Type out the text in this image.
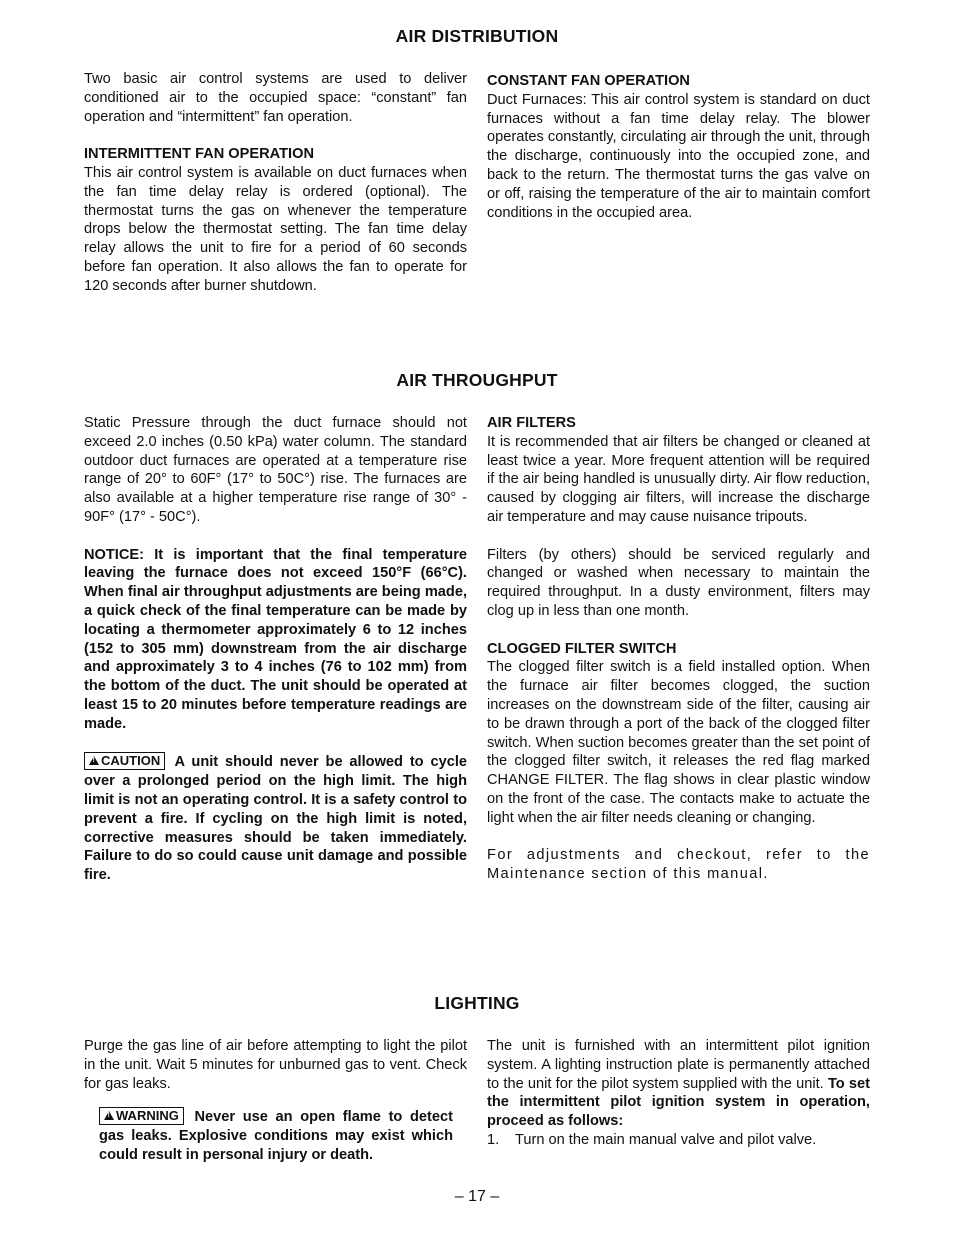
AIR DISTRIBUTION

Two basic air control systems are used to deliver conditioned air to the occupied space: “constant” fan operation and “intermittent” fan operation.

INTERMITTENT FAN OPERATION

This air control system is available on duct furnaces when the fan time delay relay is ordered (optional). The thermostat turns the gas on whenever the temperature drops below the thermostat setting. The fan time delay relay allows the unit to fire for a period of 60 seconds before fan operation. It also allows the fan to operate for 120 seconds after burner shutdown.

CONSTANT FAN OPERATION

Duct Furnaces: This air control system is standard on duct furnaces without a fan time delay relay. The blower operates constantly, circulating air through the unit, through the discharge, continuously into the occupied zone, and back to the return. The thermostat turns the gas valve on or off, raising the temperature of the air to maintain comfort conditions in the occupied area.

AIR THROUGHPUT

Static Pressure through the duct furnace should not exceed 2.0 inches (0.50 kPa) water column. The standard outdoor duct furnaces are operated at a temperature rise range of 20° to 60F° (17° to 50C°) rise. The furnaces are also available at a higher temperature rise range of 30° - 90F° (17° - 50C°).

NOTICE: It is important that the final temperature leaving the furnace does not exceed 150°F (66°C). When final air throughput adjustments are being made, a quick check of the final temperature can be made by locating a thermometer approximately 6 to 12 inches (152 to 305 mm) downstream from the air discharge and approximately 3 to 4 inches (76 to 102 mm) from the bottom of the duct. The unit should be operated at least 15 to 20 minutes before temperature readings are made.

!CAUTION A unit should never be allowed to cycle over a prolonged period on the high limit. The high limit is not an operating control. It is a safety control to prevent a fire. If cycling on the high limit is noted, corrective measures should be taken immediately. Failure to do so could cause unit damage and possible fire.

AIR FILTERS

It is recommended that air filters be changed or cleaned at least twice a year. More frequent attention will be required if the air being handled is unusually dirty. Air flow reduction, caused by clogging air filters, will increase the discharge air temperature and may cause nuisance tripouts.

Filters (by others) should be serviced regularly and changed or washed when necessary to maintain the required throughput. In a dusty environment, filters may clog up in less than one month.

CLOGGED FILTER SWITCH

The clogged filter switch is a field installed option. When the furnace air filter becomes clogged, the suction increases on the downstream side of the filter, causing air to be drawn through a port of the back of the clogged filter switch. When suction becomes greater than the set point of the clogged filter switch, it releases the red flag marked CHANGE FILTER. The flag shows in clear plastic window on the front of the case. The contacts make to actuate the light when the air filter needs cleaning or changing.

For adjustments and checkout, refer to the Maintenance section of this manual.

LIGHTING

Purge the gas line of air before attempting to light the pilot in the unit. Wait 5 minutes for unburned gas to vent. Check for gas leaks.

!WARNING Never use an open flame to detect gas leaks. Explosive conditions may exist which could result in personal injury or death.

The unit is furnished with an intermittent pilot ignition system. A lighting instruction plate is permanently attached to the unit for the pilot system supplied with the unit. To set the intermittent pilot ignition system in operation, proceed as follows:

1.	Turn on the main manual valve and pilot valve.
– 17 –
